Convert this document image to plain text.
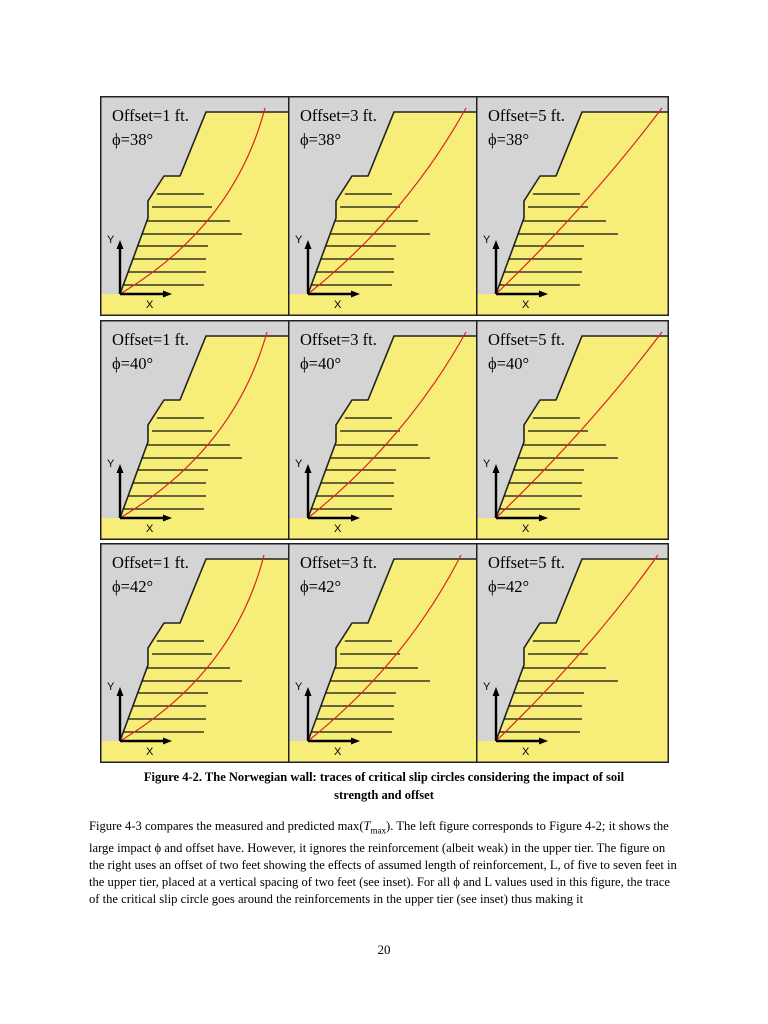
Y
X
Offset=1 ft.
ϕ=38°
Y
X
Offset=3 ft.
ϕ=38°
Y
X
Offset=5 ft.
ϕ=38°
Y
X
Offset=1 ft.
ϕ=40°
Y
X
Offset=3 ft.
ϕ=40°
Y
X
Offset=5 ft.
ϕ=40°
Y
X
Offset=1 ft.
ϕ=42°
Y
X
Offset=3 ft.
ϕ=42°
Y
X
Offset=5 ft.
ϕ=42°
Figure 4-2. The Norwegian wall: traces of critical slip circles considering the impact of soil
strength and offset

Figure 4-3 compares the measured and predicted $\max(T_{max})$. The left figure corresponds to Figure 4-2; it shows the large impact ϕ and offset have. However, it ignores the reinforcement (albeit weak) in the upper tier. The figure on the right uses an offset of two feet showing the effects of assumed length of reinforcement, L, of five to seven feet in the upper tier, placed at a vertical spacing of two feet (see inset). For all ϕ and L values used in this figure, the trace of the critical slip circle goes around the reinforcements in the upper tier (see inset) thus making it

20
